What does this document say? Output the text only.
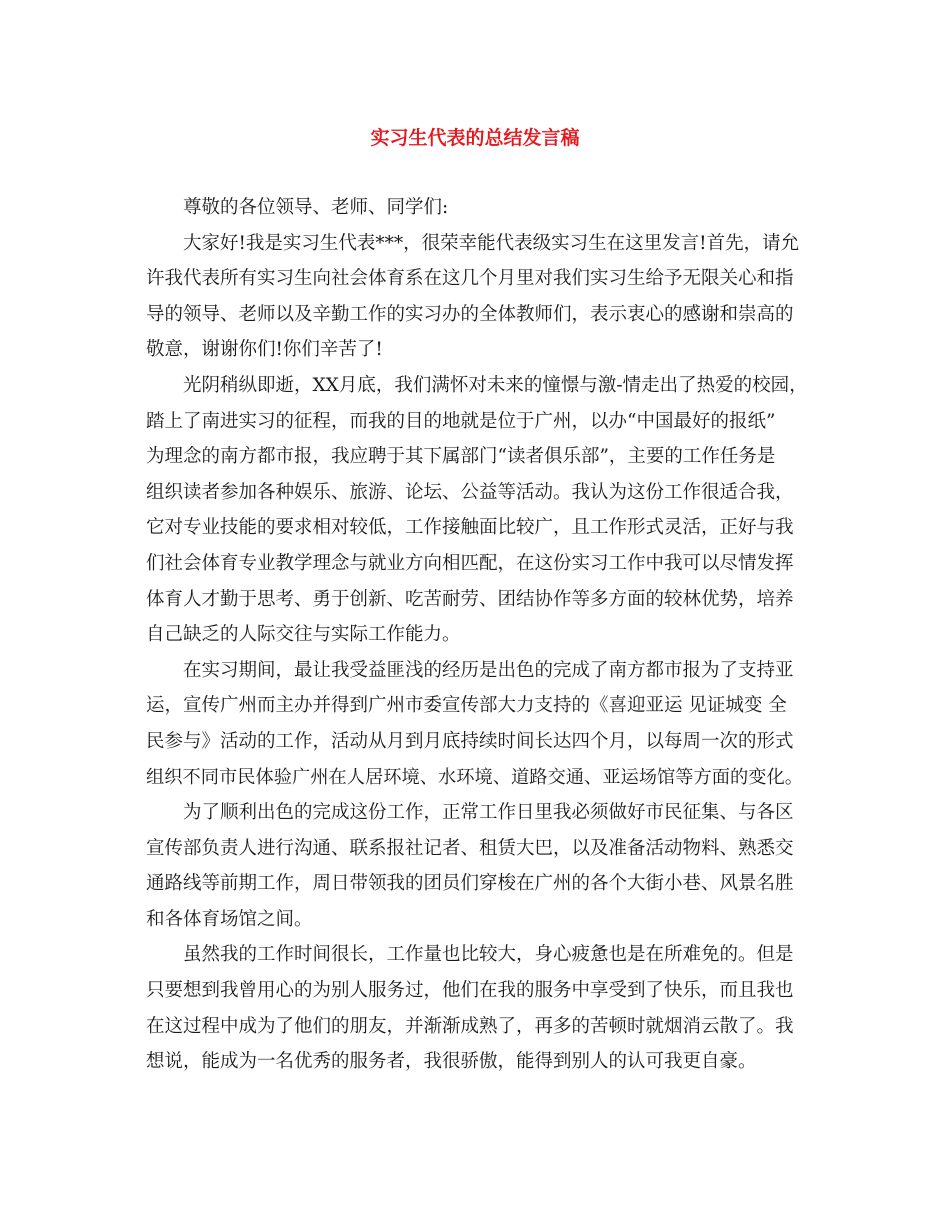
实习生代表的总结发言稿
尊敬的各位领导、老师、同学们:
大家好!我是实习生代表***，很荣幸能代表级实习生在这里发言!首先，请允
许我代表所有实习生向社会体育系在这几个月里对我们实习生给予无限关心和指
导的领导、老师以及辛勤工作的实习办的全体教师们，表示衷心的感谢和崇高的
敬意，谢谢你们!你们辛苦了!
光阴稍纵即逝，XX月底，我们满怀对未来的憧憬与激-情走出了热爱的校园，
踏上了南进实习的征程，而我的目的地就是位于广州，以办“中国最好的报纸”
为理念的南方都市报，我应聘于其下属部门“读者俱乐部”，主要的工作任务是
组织读者参加各种娱乐、旅游、论坛、公益等活动。我认为这份工作很适合我，
它对专业技能的要求相对较低，工作接触面比较广，且工作形式灵活，正好与我
们社会体育专业教学理念与就业方向相匹配，在这份实习工作中我可以尽情发挥
体育人才勤于思考、勇于创新、吃苦耐劳、团结协作等多方面的较林优势，培养
自己缺乏的人际交往与实际工作能力。
在实习期间，最让我受益匪浅的经历是出色的完成了南方都市报为了支持亚
运，宣传广州而主办并得到广州市委宣传部大力支持的《喜迎亚运 见证城变 全
民参与》活动的工作，活动从月到月底持续时间长达四个月，以每周一次的形式
组织不同市民体验广州在人居环境、水环境、道路交通、亚运场馆等方面的变化。
为了顺利出色的完成这份工作，正常工作日里我必须做好市民征集、与各区
宣传部负责人进行沟通、联系报社记者、租赁大巴，以及准备活动物料、熟悉交
通路线等前期工作，周日带领我的团员们穿梭在广州的各个大街小巷、风景名胜
和各体育场馆之间。
虽然我的工作时间很长，工作量也比较大，身心疲惫也是在所难免的。但是
只要想到我曾用心的为别人服务过，他们在我的服务中享受到了快乐，而且我也
在这过程中成为了他们的朋友，并渐渐成熟了，再多的苦顿时就烟消云散了。我
想说，能成为一名优秀的服务者，我很骄傲，能得到别人的认可我更自豪。
